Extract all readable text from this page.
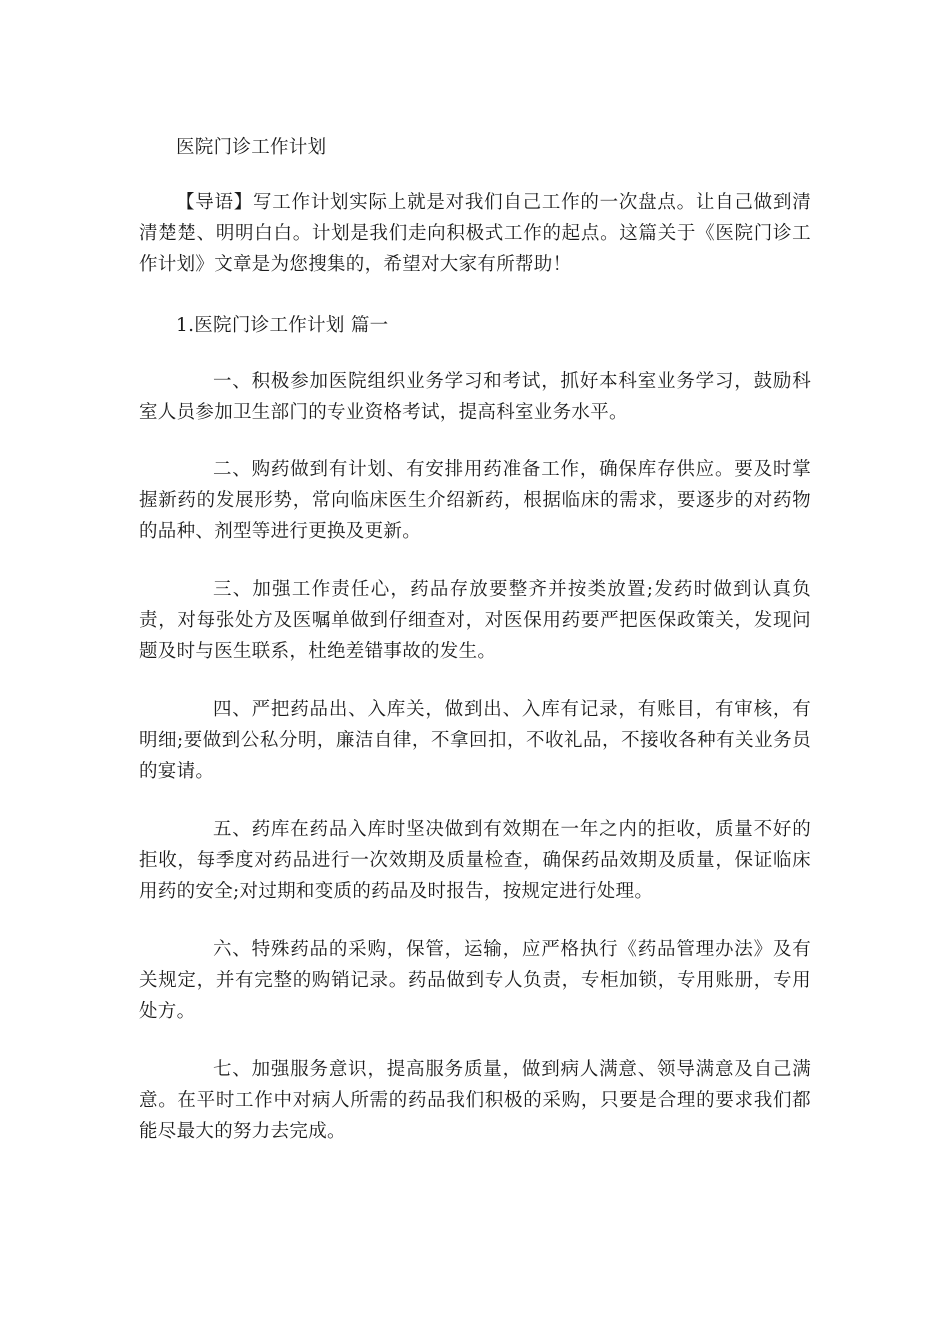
医院门诊工作计划

【导语】写工作计划实际上就是对我们自己工作的一次盘点。让自己做到清清楚楚、明明白白。计划是我们走向积极式工作的起点。这篇关于《医院门诊工作计划》文章是为您搜集的，希望对大家有所帮助！

1.医院门诊工作计划 篇一

一、积极参加医院组织业务学习和考试，抓好本科室业务学习，鼓励科室人员参加卫生部门的专业资格考试，提高科室业务水平。

二、购药做到有计划、有安排用药准备工作，确保库存供应。要及时掌握新药的发展形势，常向临床医生介绍新药，根据临床的需求，要逐步的对药物的品种、剂型等进行更换及更新。

三、加强工作责任心，药品存放要整齐并按类放置;发药时做到认真负责，对每张处方及医嘱单做到仔细查对，对医保用药要严把医保政策关，发现问题及时与医生联系，杜绝差错事故的发生。

四、严把药品出、入库关，做到出、入库有记录，有账目，有审核，有明细;要做到公私分明，廉洁自律，不拿回扣，不收礼品，不接收各种有关业务员的宴请。

五、药库在药品入库时坚决做到有效期在一年之内的拒收，质量不好的拒收，每季度对药品进行一次效期及质量检查，确保药品效期及质量，保证临床用药的安全;对过期和变质的药品及时报告，按规定进行处理。

六、特殊药品的采购，保管，运输，应严格执行《药品管理办法》及有关规定，并有完整的购销记录。药品做到专人负责，专柜加锁，专用账册，专用处方。

七、加强服务意识，提高服务质量，做到病人满意、领导满意及自己满意。在平时工作中对病人所需的药品我们积极的采购，只要是合理的要求我们都能尽最大的努力去完成。
